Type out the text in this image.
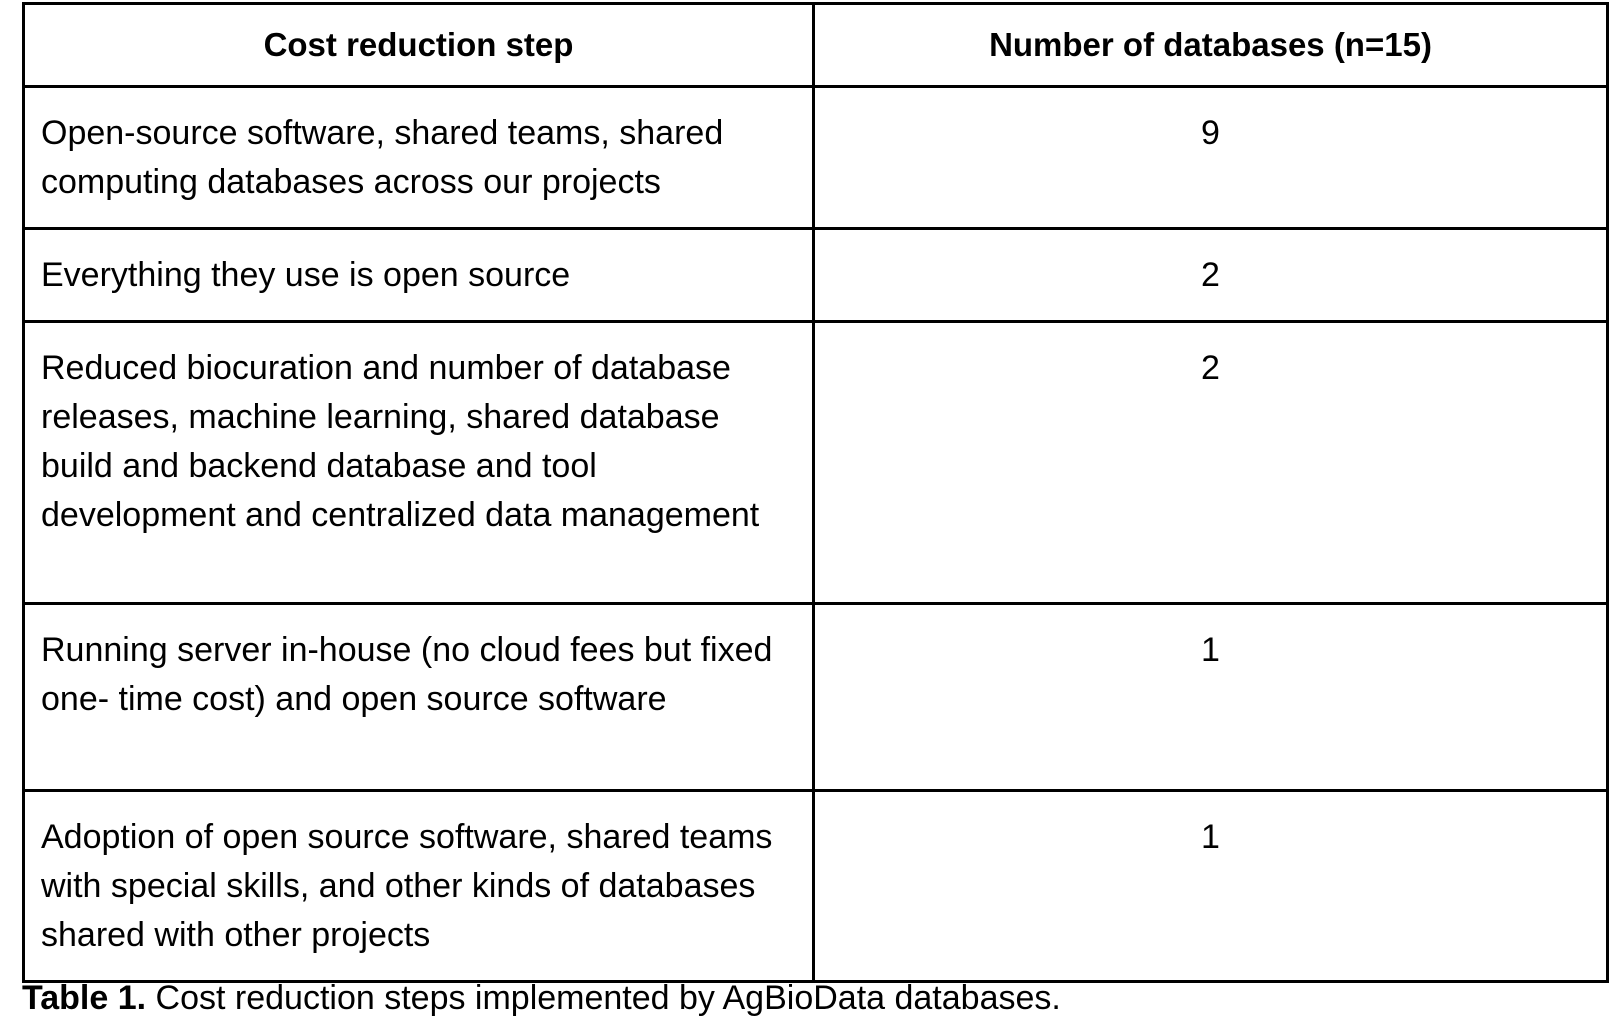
Cost reduction step	Number of databases (n=15)
Open-source software, shared teams, shared computing databases across our projects	9
Everything they use is open source	2
Reduced biocuration and number of database releases, machine learning, shared database build and backend database and tool development and centralized data management	2
Running server in-house (no cloud fees but fixed one- time cost) and open source software	1
Adoption of open source software, shared teams with special skills, and other kinds of databases shared with other projects	1
Table 1. Cost reduction steps implemented by AgBioData databases.
